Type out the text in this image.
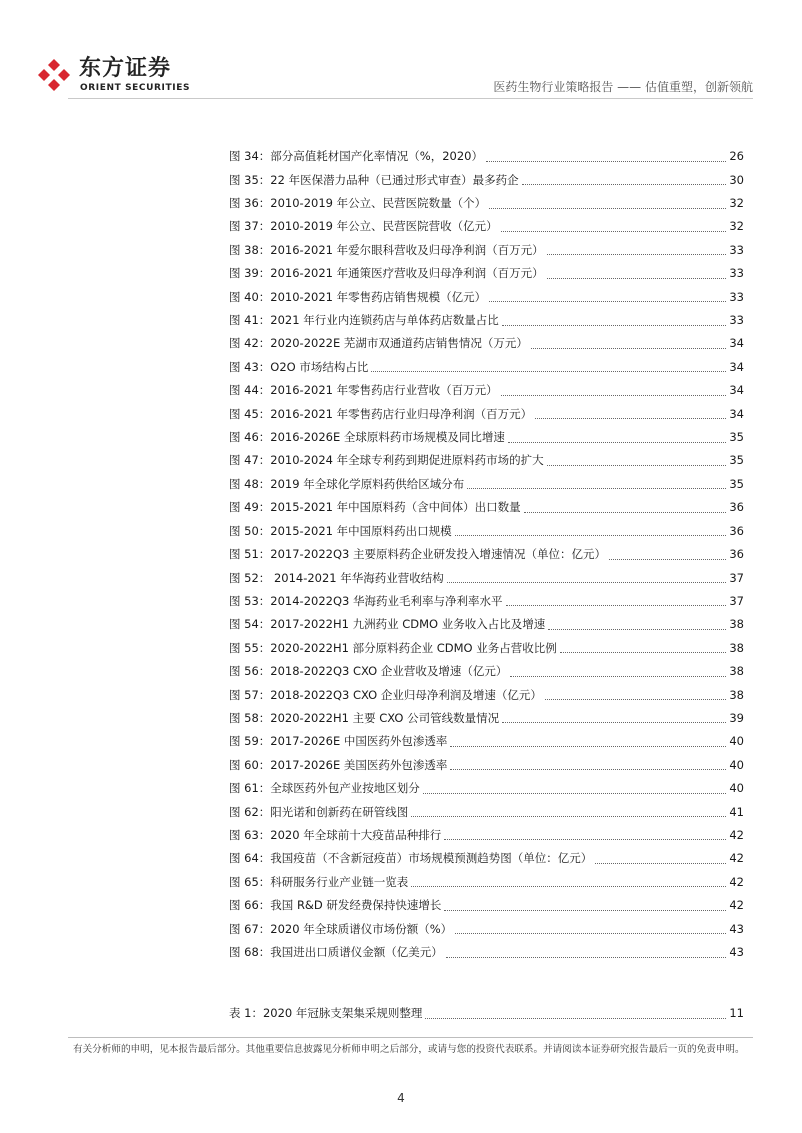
东方证券
ORIENT SECURITIES	医药生物行业策略报告 —— 估值重塑，创新领航
图 34：部分高值耗材国产化率情况（%，2020）	26
图 35：22 年医保潜力品种（已通过形式审查）最多药企	30
图 36：2010-2019 年公立、民营医院数量（个）	32
图 37：2010-2019 年公立、民营医院营收（亿元）	32
图 38：2016-2021 年爱尔眼科营收及归母净利润（百万元）	33
图 39：2016-2021 年通策医疗营收及归母净利润（百万元）	33
图 40：2010-2021 年零售药店销售规模（亿元）	33
图 41：2021 年行业内连锁药店与单体药店数量占比	33
图 42：2020-2022E 芜湖市双通道药店销售情况（万元）	34
图 43：O2O 市场结构占比	34
图 44：2016-2021 年零售药店行业营收（百万元）	34
图 45：2016-2021 年零售药店行业归母净利润（百万元）	34
图 46：2016-2026E 全球原料药市场规模及同比增速	35
图 47：2010-2024 年全球专利药到期促进原料药市场的扩大	35
图 48：2019 年全球化学原料药供给区域分布	35
图 49：2015-2021 年中国原料药（含中间体）出口数量	36
图 50：2015-2021 年中国原料药出口规模	36
图 51：2017-2022Q3 主要原料药企业研发投入增速情况（单位：亿元）	36
图 52： 2014-2021 年华海药业营收结构	37
图 53：2014-2022Q3 华海药业毛利率与净利率水平	37
图 54：2017-2022H1 九洲药业 CDMO 业务收入占比及增速	38
图 55：2020-2022H1 部分原料药企业 CDMO 业务占营收比例	38
图 56：2018-2022Q3 CXO 企业营收及增速（亿元）	38
图 57：2018-2022Q3 CXO 企业归母净利润及增速（亿元）	38
图 58：2020-2022H1 主要 CXO 公司管线数量情况	39
图 59：2017-2026E 中国医药外包渗透率	40
图 60：2017-2026E 美国医药外包渗透率	40
图 61：全球医药外包产业按地区划分	40
图 62：阳光诺和创新药在研管线图	41
图 63：2020 年全球前十大疫苗品种排行	42
图 64：我国疫苗（不含新冠疫苗）市场规模预测趋势图（单位：亿元）	42
图 65：科研服务行业产业链一览表	42
图 66：我国 R&D 研发经费保持快速增长	42
图 67：2020 年全球质谱仪市场份额（%）	43
图 68：我国进出口质谱仪金额（亿美元）	43
表 1：2020 年冠脉支架集采规则整理	11
有关分析师的申明，见本报告最后部分。其他重要信息披露见分析师申明之后部分，或请与您的投资代表联系。并请阅读本证券研究报告最后一页的免责申明。
4
